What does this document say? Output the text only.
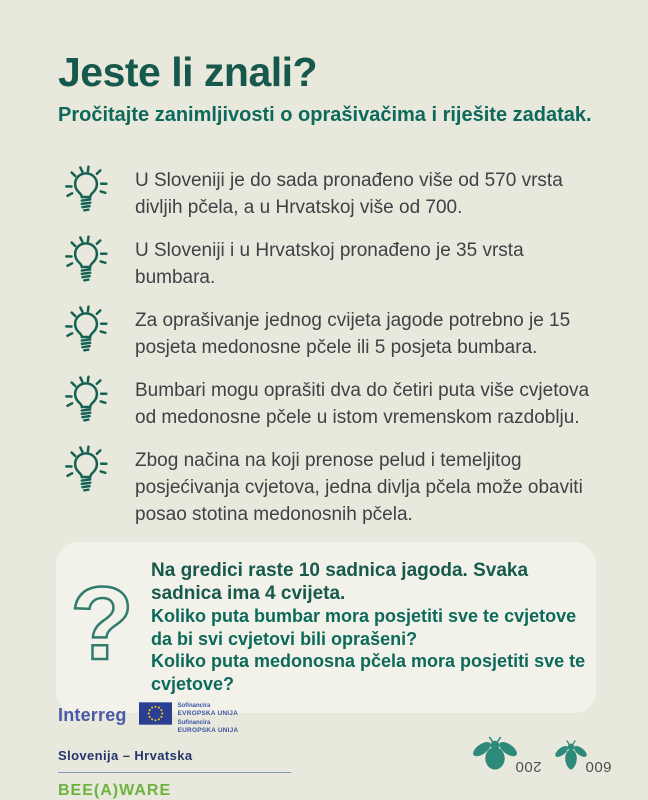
Jeste li znali?

Pročitajte zanimljivosti o oprašivačima i riješite zadatak.

U Sloveniji je do sada pronađeno više od 570 vrsta divljih pčela, a u Hrvatskoj više od 700.

U Sloveniji i u Hrvatskoj pronađeno je 35 vrsta bumbara.

Za oprašivanje jednog cvijeta jagode potrebno je 15 posjeta medonosne pčele ili 5 posjeta bumbara.

Bumbari mogu oprašiti dva do četiri puta više cvjetova od medonosne pčele u istom vremenskom razdoblju.

Zbog načina na koji prenose pelud i temeljitog posjećivanja cvjetova, jedna divlja pčela može obaviti posao stotina medonosnih pčela.

? Na gredici raste 10 sadnica jagoda. Svaka sadnica ima 4 cvijeta.

Koliko puta bumbar mora posjetiti sve te cvjetove da bi svi cvjetovi bili oprašeni?

Koliko puta medonosna pčela mora posjetiti sve te cvjetove?

Interreg	Sofinancira
EVROPSKA UNIJA
Sufinancira
EUROPSKA UNIJA
Slovenija – Hrvatska
BEE(A)WARE
200	600
